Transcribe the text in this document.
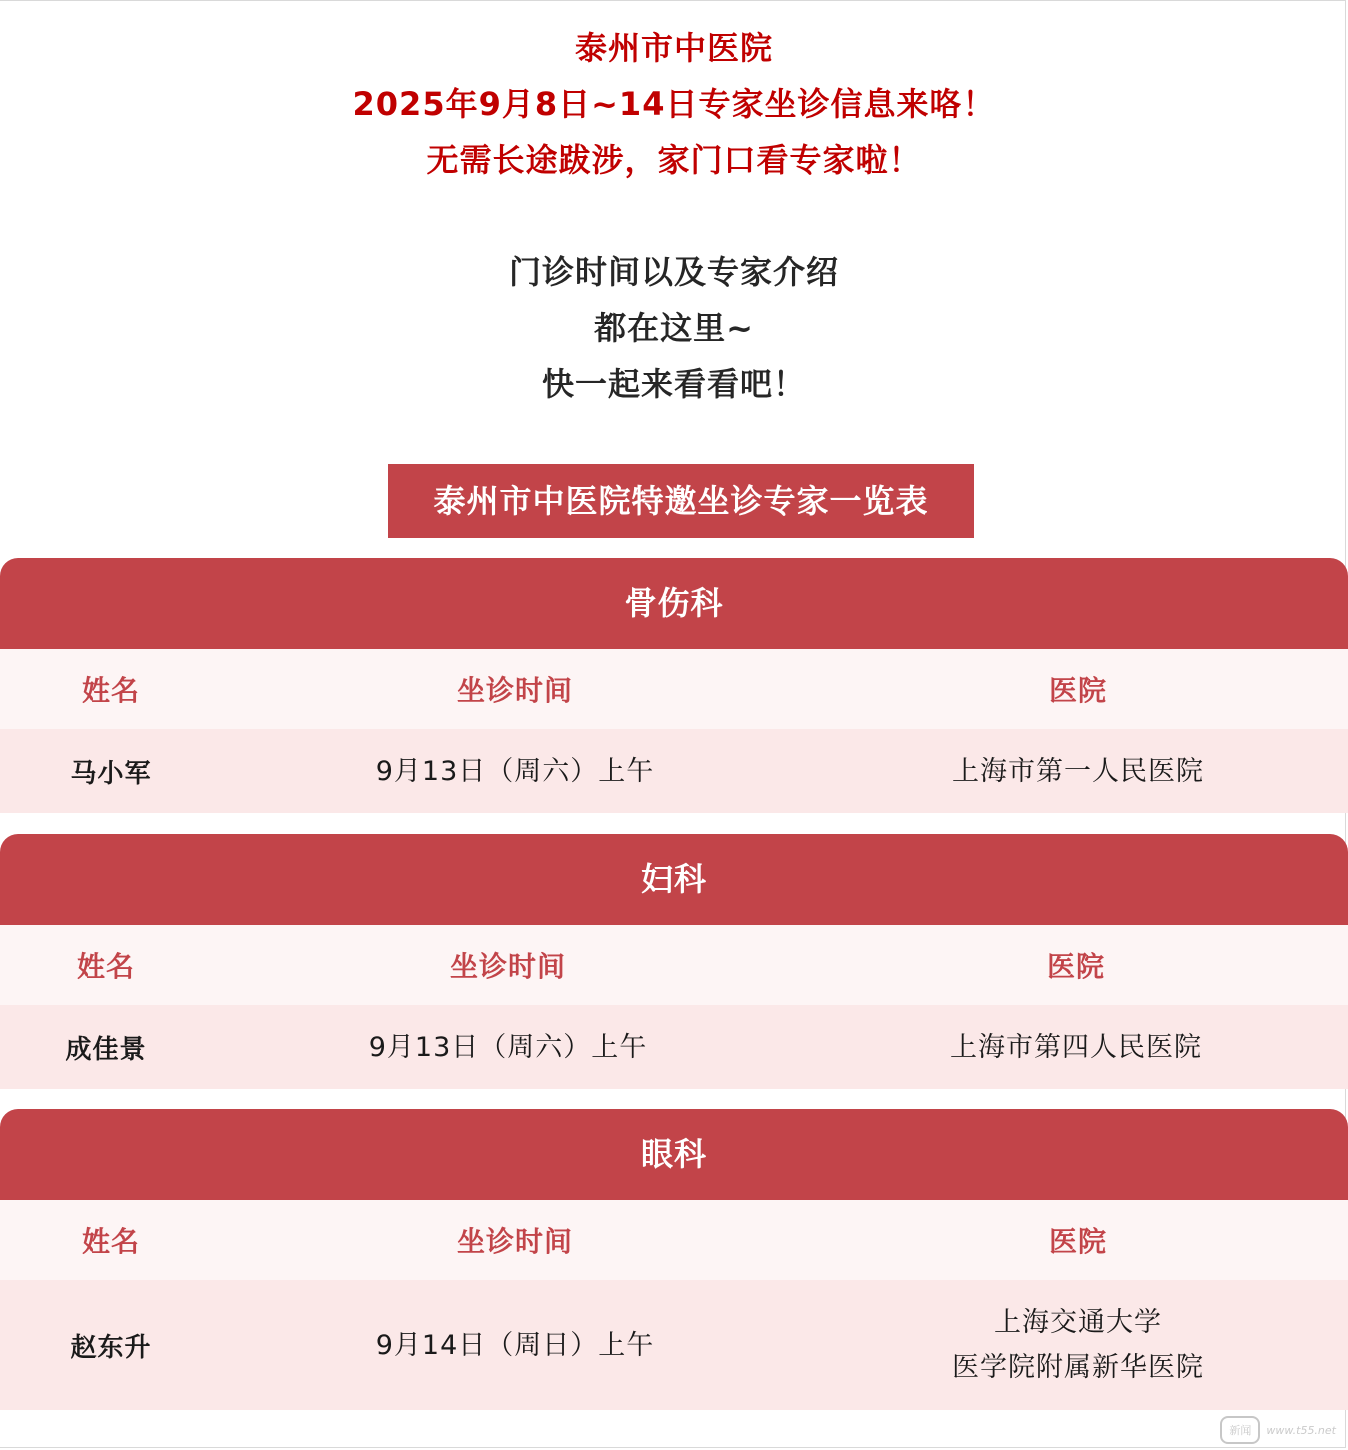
泰州市中医院
2025年9月8日~14日专家坐诊信息来咯！
无需长途跋涉，家门口看专家啦！
门诊时间以及专家介绍
都在这里~
快一起来看看吧！
泰州市中医院特邀坐诊专家一览表
骨伤科
姓名	坐诊时间	医院
马小军	9月13日（周六）上午	上海市第一人民医院
妇科
姓名	坐诊时间	医院
成佳景	9月13日（周六）上午	上海市第四人民医院
眼科
姓名	坐诊时间	医院
赵东升	9月14日（周日）上午
上海交通大学
医学院附属新华医院
新闻	www.t55.net
